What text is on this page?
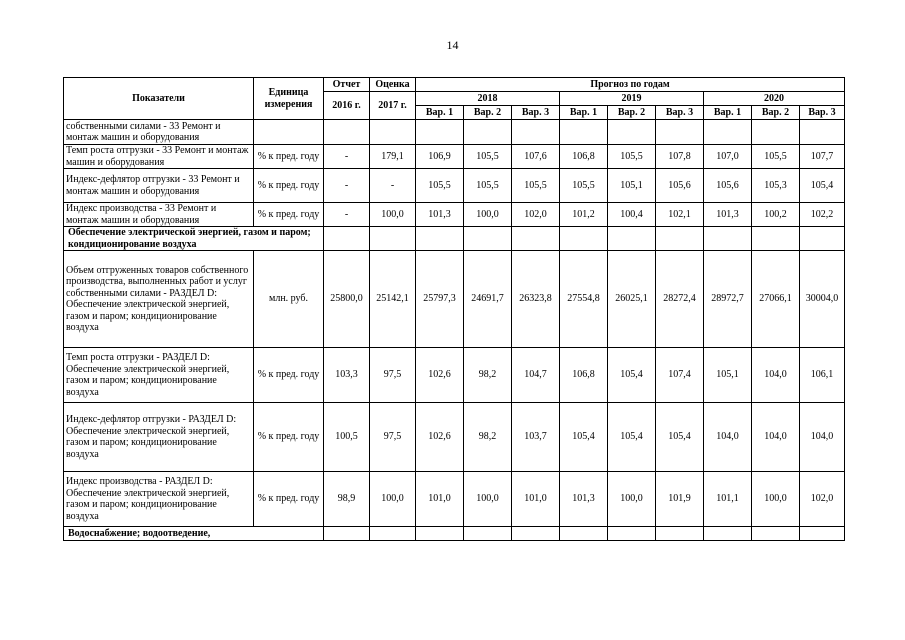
14
Показатели	Единица измерения	Отчет	Оценка	Прогноз по годам								
		2016 г.	2017 г.	2018			2019			2020		
				Вар. 1	Вар. 2	Вар. 3	Вар. 1	Вар. 2	Вар. 3	Вар. 1	Вар. 2	Вар. 3
собственными силами - 33 Ремонт и монтаж машин и оборудования												
Темп роста отгрузки - 33 Ремонт и монтаж машин и оборудования	% к пред. году	-	179,1	106,9	105,5	107,6	106,8	105,5	107,8	107,0	105,5	107,7
Индекс-дефлятор отгрузки - 33 Ремонт и монтаж машин и оборудования	% к пред. году	-	-	105,5	105,5	105,5	105,5	105,1	105,6	105,6	105,3	105,4
Индекс производства - 33 Ремонт и монтаж машин и оборудования	% к пред. году	-	100,0	101,3	100,0	102,0	101,2	100,4	102,1	101,3	100,2	102,2
Обеспечение электрической энергией, газом и паром; кондиционирование воздуха												
Объем отгруженных товаров собственного производства, выполненных работ и услуг собственными силами - РАЗДЕЛ D: Обеспечение электрической энергией, газом и паром; кондиционирование воздуха	млн. руб.	25800,0	25142,1	25797,3	24691,7	26323,8	27554,8	26025,1	28272,4	28972,7	27066,1	30004,0
Темп роста отгрузки - РАЗДЕЛ D: Обеспечение электрической энергией, газом и паром; кондиционирование воздуха	% к пред. году	103,3	97,5	102,6	98,2	104,7	106,8	105,4	107,4	105,1	104,0	106,1
Индекс-дефлятор отгрузки - РАЗДЕЛ D: Обеспечение электрической энергией, газом и паром; кондиционирование воздуха	% к пред. году	100,5	97,5	102,6	98,2	103,7	105,4	105,4	105,4	104,0	104,0	104,0
Индекс производства - РАЗДЕЛ D: Обеспечение электрической энергией, газом и паром; кондиционирование воздуха	% к пред. году	98,9	100,0	101,0	100,0	101,0	101,3	100,0	101,9	101,1	100,0	102,0
Водоснабжение; водоотведение,												
